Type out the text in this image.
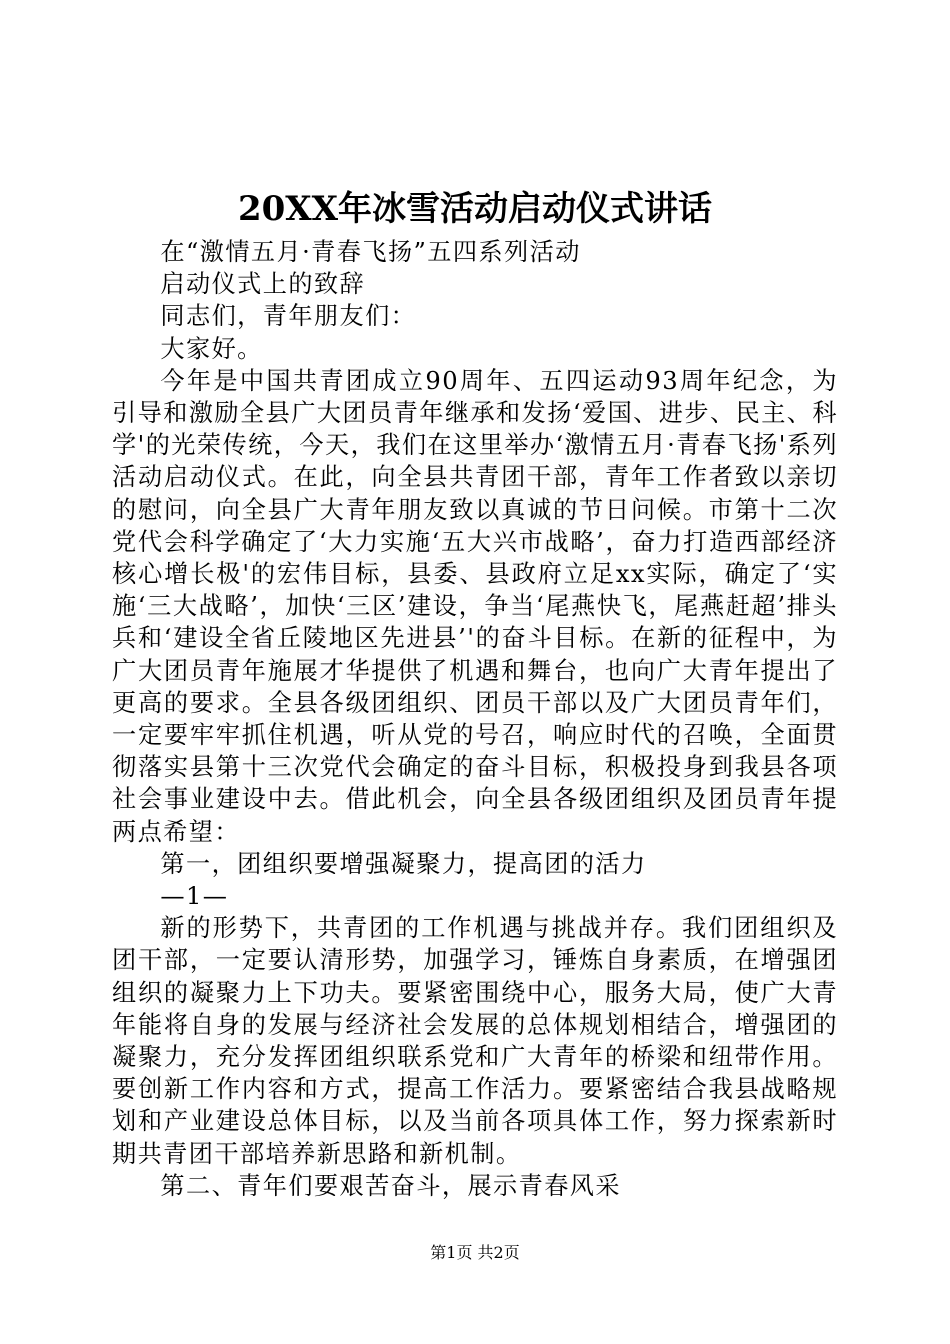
20XX年冰雪活动启动仪式讲话

在“激情五月·青春飞扬”五四系列活动

启动仪式上的致辞

同志们，青年朋友们：

大家好。

今年是中国共青团成立90周年、五四运动93周年纪念，为引导和激励全县广大团员青年继承和发扬‘爱国、进步、民主、科学'的光荣传统，今天，我们在这里举办‘激情五月·青春飞扬'系列活动启动仪式。在此，向全县共青团干部，青年工作者致以亲切的慰问，向全县广大青年朋友致以真诚的节日问候。市第十二次党代会科学确定了‘大力实施‘五大兴市战略’，奋力打造西部经济核心增长极'的宏伟目标，县委、县政府立足xx实际，确定了‘实施‘三大战略’，加快‘三区’建设，争当‘尾燕快飞，尾燕赶超’排头兵和‘建设全省丘陵地区先进县’'的奋斗目标。在新的征程中，为广大团员青年施展才华提供了机遇和舞台，也向广大青年提出了更高的要求。全县各级团组织、团员干部以及广大团员青年们，一定要牢牢抓住机遇，听从党的号召，响应时代的召唤，全面贯彻落实县第十三次党代会确定的奋斗目标，积极投身到我县各项社会事业建设中去。借此机会，向全县各级团组织及团员青年提两点希望：

第一，团组织要增强凝聚力，提高团的活力

—1—

新的形势下，共青团的工作机遇与挑战并存。我们团组织及团干部，一定要认清形势，加强学习，锤炼自身素质，在增强团组织的凝聚力上下功夫。要紧密围绕中心，服务大局，使广大青年能将自身的发展与经济社会发展的总体规划相结合，增强团的凝聚力，充分发挥团组织联系党和广大青年的桥梁和纽带作用。要创新工作内容和方式，提高工作活力。要紧密结合我县战略规划和产业建设总体目标，以及当前各项具体工作，努力探索新时期共青团干部培养新思路和新机制。

第二、青年们要艰苦奋斗，展示青春风采

第1页 共2页
